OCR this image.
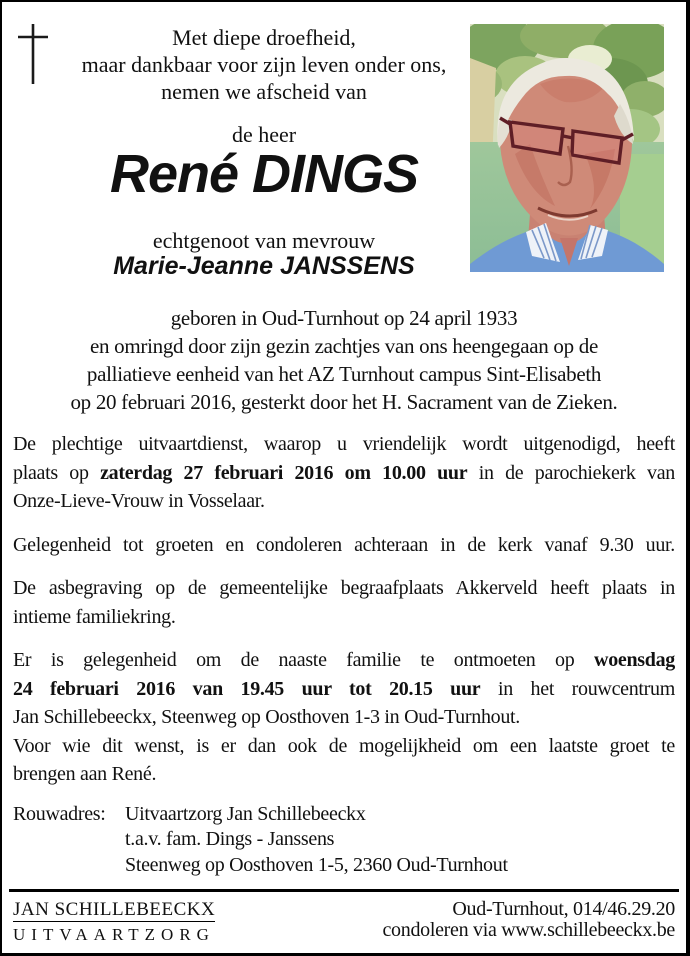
Met diepe droefheid,
maar dankbaar voor zijn leven onder ons,
nemen we afscheid van
de heer
René DINGS
echtgenoot van mevrouw
Marie-Jeanne JANSSENS
geboren in Oud-Turnhout op 24 april 1933
en omringd door zijn gezin zachtjes van ons heengegaan op de
palliatieve eenheid van het AZ Turnhout campus Sint-Elisabeth
op 20 februari 2016, gesterkt door het H. Sacrament van de Zieken.
De plechtige uitvaartdienst, waarop u vriendelijk wordt uitgenodigd, heeft
plaats op zaterdag 27 februari 2016 om 10.00 uur in de parochiekerk van
Onze-Lieve-Vrouw in Vosselaar.
Gelegenheid tot groeten en condoleren achteraan in de kerk vanaf 9.30 uur.
De asbegraving op de gemeentelijke begraafplaats Akkerveld heeft plaats in
intieme familiekring.
Er is gelegenheid om de naaste familie te ontmoeten op woensdag
24 februari 2016 van 19.45 uur tot 20.15 uur in het rouwcentrum
Jan Schillebeeckx, Steenweg op Oosthoven 1-3 in Oud-Turnhout.
Voor wie dit wenst, is er dan ook de mogelijkheid om een laatste groet te
brengen aan René.
Rouwadres: Uitvaartzorg Jan Schillebeeckx
t.a.v. fam. Dings - Janssens
Steenweg op Oosthoven 1-5, 2360 Oud-Turnhout
JAN SCHILLEBEECKX
UITVAARTZORG
Oud-Turnhout, 014/46.29.20
condoleren via www.schillebeeckx.be
